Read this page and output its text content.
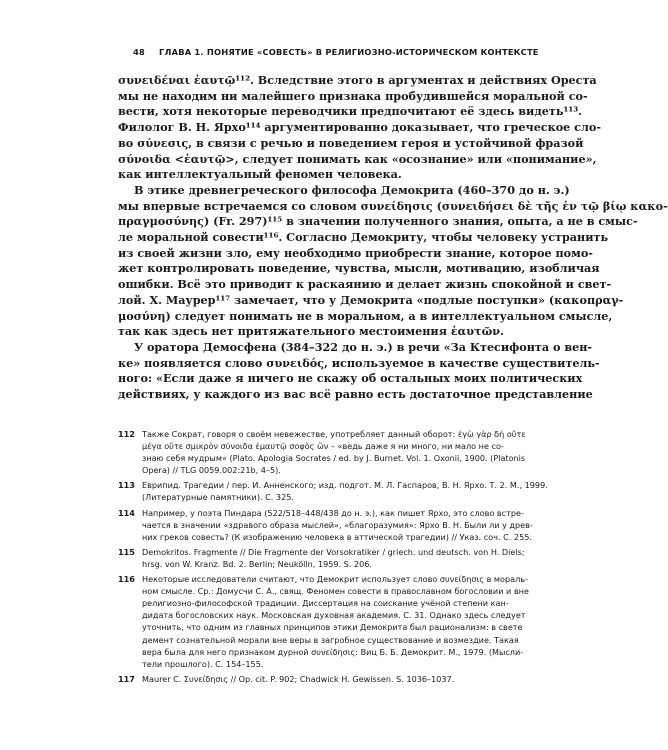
48 ГЛАВА 1. ПОНЯТИЕ «СОВЕСТЬ» В РЕЛИГИОЗНО-ИСТОРИЧЕСКОМ КОНТЕКСТЕ
συνειδέναι ἑαυτῷ¹¹². Вследствие этого в аргументах и действиях Ореста
мы не находим ни малейшего признака пробудившейся моральной со-
вести, хотя некоторые переводчики предпочитают её здесь видеть¹¹³.
Филолог В. Н. Ярхо¹¹⁴ аргументированно доказывает, что греческое сло-
во σύνεσις, в связи с речью и поведением героя и устойчивой фразой
σύνοιδα <ἑαυτῷ>, следует понимать как «осознание» или «понимание»,
как интеллектуальный феномен человека.
В этике древнегреческого философа Демокрита (460–370 до н. э.)
мы впервые встречаемся со словом συνείδησις (συνειδήσει δὲ τῆς ἐν τῷ βίῳ κακο-
πραγμοσύνης) (Fr. 297)¹¹⁵ в значении полученного знания, опыта, а не в смыс-
ле моральной совести¹¹⁶. Согласно Демокриту, чтобы человеку устранить
из своей жизни зло, ему необходимо приобрести знание, которое помо-
жет контролировать поведение, чувства, мысли, мотивацию, изобличая
ошибки. Всё это приводит к раскаянию и делает жизнь спокойной и свет-
лой. Х. Маурер¹¹⁷ замечает, что у Демокрита «подлые поступки» (κακοπραγ-
μοσύνη) следует понимать не в моральном, а в интеллектуальном смысле,
так как здесь нет притяжательного местоимения ἑαυτῶν.
У оратора Демосфена (384–322 до н. э.) в речи «За Ктесифонта о вен-
ке» появляется слово συνειδός, используемое в качестве существитель-
ного: «Если даже я ничего не скажу об остальных моих политических
действиях, у каждого из вас всё равно есть достаточное представление
112 Также Сократ, говоря о своём невежестве, употребляет данный оборот: ἐγὼ γὰρ δὴ οὔτε
μέγα οὔτε σμικρὸν σύνοιδα ἐμαυτῷ σοφὸς ὤν – «ведь даже я ни много, ни мало не со-
знаю себя мудрым» (Plato. Apologia Socrates / ed. by J. Burnet. Vol. 1. Oxonii, 1900. (Platonis
Opera) // TLG 0059.002:21b, 4–5).
113 Еврипид. Трагедии / пер. И. Анненского; изд. подгот. М. Л. Гаспаров, В. Н. Ярхо. Т. 2. М., 1999.
(Литературные памятники). С. 325.
114 Например, у поэта Пиндара (522/518–448/438 до н. э.), как пишет Ярхо, это слово встре-
чается в значении «здравого образа мыслей», «благоразумия»: Ярхо В. Н. Были ли у древ-
них греков совесть? (К изображению человека в аттической трагедии) // Указ. соч. С. 255.
115 Demokritos. Fragmente // Die Fragmente der Vorsokratiker / griech. und deutsch. von H. Diels;
hrsg. von W. Kranz. Bd. 2. Berlin; Neukölln, 1959. S. 206.
116 Некоторые исследователи считают, что Демокрит использует слово συνείδησις в мораль-
ном смысле. Ср.: Домусчи С. А., свящ. Феномен совести в православном богословии и вне
религиозно-философской традиции. Диссертация на соискание учёной степени кан-
дидата богословских наук. Московская духовная академия. С. 31. Однако здесь следует
уточнить, что одним из главных принципов этики Демокрита был рационализм: в свете
демент сознательной морали вне веры в загробное существование и возмездие. Такая
вера была для него признаком дурной συνείδησις: Виц Б. Б. Демокрит. М., 1979. (Мысли-
тели прошлого). С. 154–155.
117 Maurer C. Συνείδησις // Op. cit. P. 902; Chadwick H. Gewissen. S. 1036–1037.
